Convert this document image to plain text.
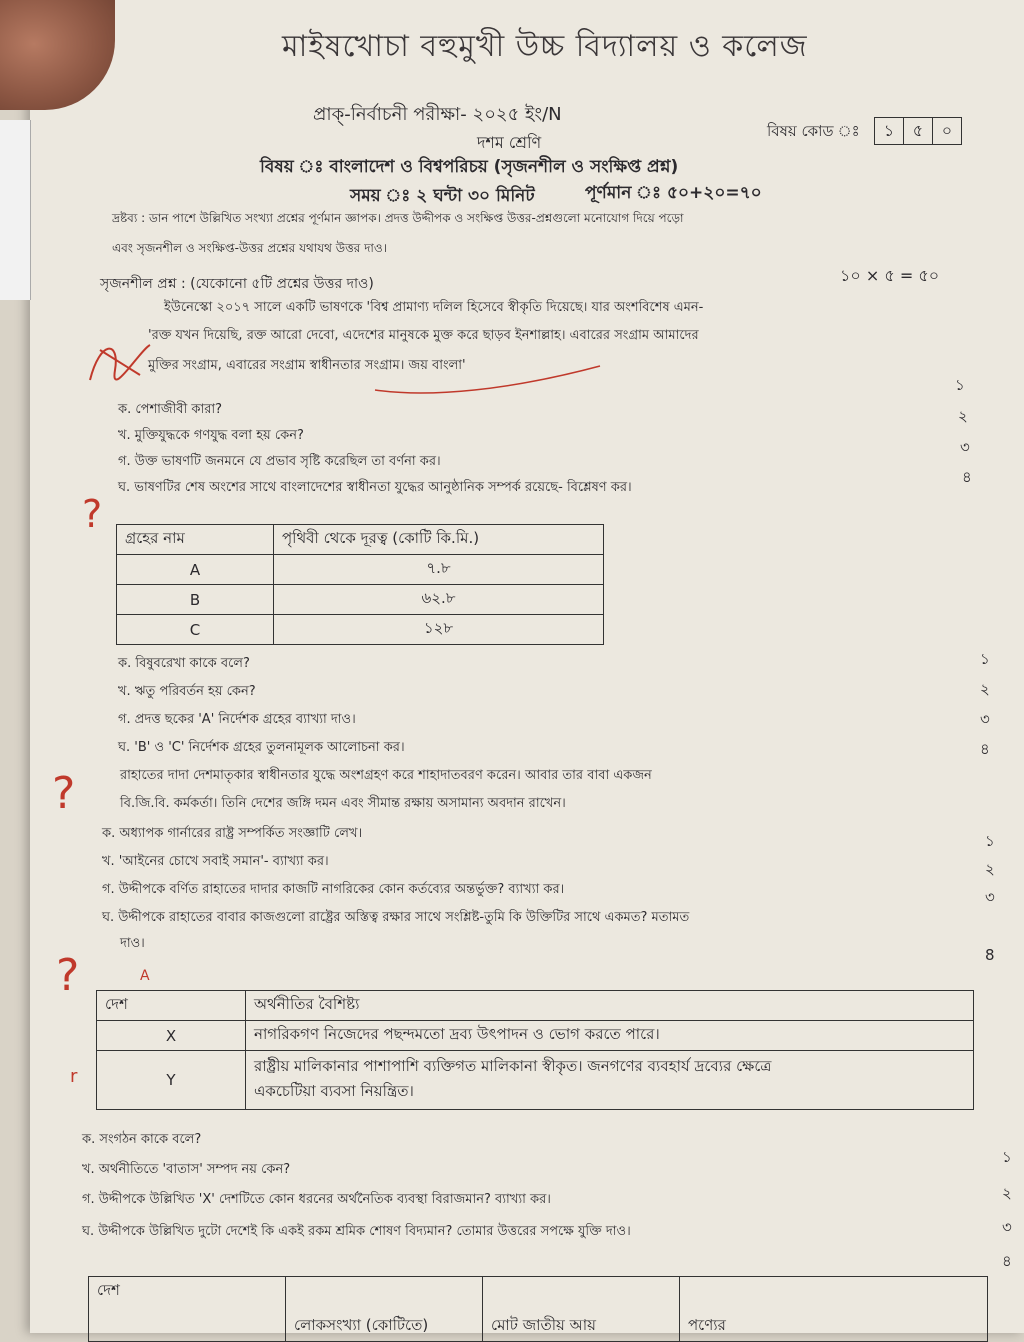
মাইষখোচা বহুমুখী উচ্চ বিদ্যালয় ও কলেজ
প্রাক্-নির্বাচনী পরীক্ষা- ২০২৫ ইং/N
দশম শ্রেণি
বিষয় কোড ঃ
বিষয় ঃ বাংলাদেশ ও বিশ্বপরিচয় (সৃজনশীল ও সংক্ষিপ্ত প্রশ্ন)
সময় ঃ ২ ঘন্টা ৩০ মিনিট	পূর্ণমান ঃ ৫০+২০=৭০
দ্রষ্টব্য : ডান পাশে উল্লিখিত সংখ্যা প্রশ্নের পূর্ণমান জ্ঞাপক। প্রদত্ত উদ্দীপক ও সংক্ষিপ্ত উত্তর-প্রশ্নগুলো মনোযোগ দিয়ে পড়ো
এবং সৃজনশীল ও সংক্ষিপ্ত-উত্তর প্রশ্নের যথাযথ উত্তর দাও।
সৃজনশীল প্রশ্ন : (যেকোনো ৫টি প্রশ্নের উত্তর দাও)	১০ × ৫ = ৫০
ইউনেস্কো ২০১৭ সালে একটি ভাষণকে 'বিশ্ব প্রামাণ্য দলিল হিসেবে স্বীকৃতি দিয়েছে। যার অংশবিশেষ এমন-
'রক্ত যখন দিয়েছি, রক্ত আরো দেবো, এদেশের মানুষকে মুক্ত করে ছাড়ব ইনশাল্লাহ। এবারের সংগ্রাম আমাদের
মুক্তির সংগ্রাম, এবারের সংগ্রাম স্বাধীনতার সংগ্রাম। জয় বাংলা'
ক. পেশাজীবী কারা?
খ. মুক্তিযুদ্ধকে গণযুদ্ধ বলা হয় কেন?
গ. উক্ত ভাষণটি জনমনে যে প্রভাব সৃষ্টি করেছিল তা বর্ণনা কর।
ঘ. ভাষণটির শেষ অংশের সাথে বাংলাদেশের স্বাধীনতা যুদ্ধের আনুষ্ঠানিক সম্পর্ক রয়েছে- বিশ্লেষণ কর।
১
২
৩
৪
গ্রহের নাম	পৃথিবী থেকে দূরত্ব (কোটি কি.মি.)
A	৭.৮
B	৬২.৮
C	১২৮
ক. বিষুবরেখা কাকে বলে?
খ. ঋতু পরিবর্তন হয় কেন?
গ. প্রদত্ত ছকের 'A' নির্দেশক গ্রহের ব্যাখ্যা দাও।
ঘ. 'B' ও 'C' নির্দেশক গ্রহের তুলনামূলক আলোচনা কর।
১
২
৩
৪
রাহাতের দাদা দেশমাতৃকার স্বাধীনতার যুদ্ধে অংশগ্রহণ করে শাহাদাতবরণ করেন। আবার তার বাবা একজন
বি.জি.বি. কর্মকর্তা। তিনি দেশের জঙ্গি দমন এবং সীমান্ত রক্ষায় অসামান্য অবদান রাখেন।
ক. অধ্যাপক গার্নারের রাষ্ট্র সম্পর্কিত সংজ্ঞাটি লেখ।
খ. 'আইনের চোখে সবাই সমান'- ব্যাখ্যা কর।
গ. উদ্দীপকে বর্ণিত রাহাতের দাদার কাজটি নাগরিকের কোন কর্তব্যের অন্তর্ভুক্ত? ব্যাখ্যা কর।
ঘ. উদ্দীপকে রাহাতের বাবার কাজগুলো রাষ্ট্রের অস্তিত্ব রক্ষার সাথে সংশ্লিষ্ট-তুমি কি উক্তিটির সাথে একমত? মতামত
দাও।
১
২
৩
8
দেশ	অর্থনীতির বৈশিষ্ট্য
X	নাগরিকগণ নিজেদের পছন্দমতো দ্রব্য উৎপাদন ও ভোগ করতে পারে।
Y	রাষ্ট্রীয় মালিকানার পাশাপাশি ব্যক্তিগত মালিকানা স্বীকৃত। জনগণের ব্যবহার্য দ্রব্যের ক্ষেত্রে
একচেটিয়া ব্যবসা নিয়ন্ত্রিত।
ক. সংগঠন কাকে বলে?
খ. অর্থনীতিতে 'বাতাস' সম্পদ নয় কেন?
গ. উদ্দীপকে উল্লিখিত 'X' দেশটিতে কোন ধরনের অর্থনৈতিক ব্যবস্থা বিরাজমান? ব্যাখ্যা কর।
ঘ. উদ্দীপকে উল্লিখিত দুটো দেশেই কি একই রকম শ্রমিক শোষণ বিদ্যমান? তোমার উত্তরের সপক্ষে যুক্তি দাও।
১
২
৩
৪
দেশ	লোকসংখ্যা (কোটিতে)	মোট জাতীয় আয়	পণ্যের
?
?
?	A
r
১	৫	০
